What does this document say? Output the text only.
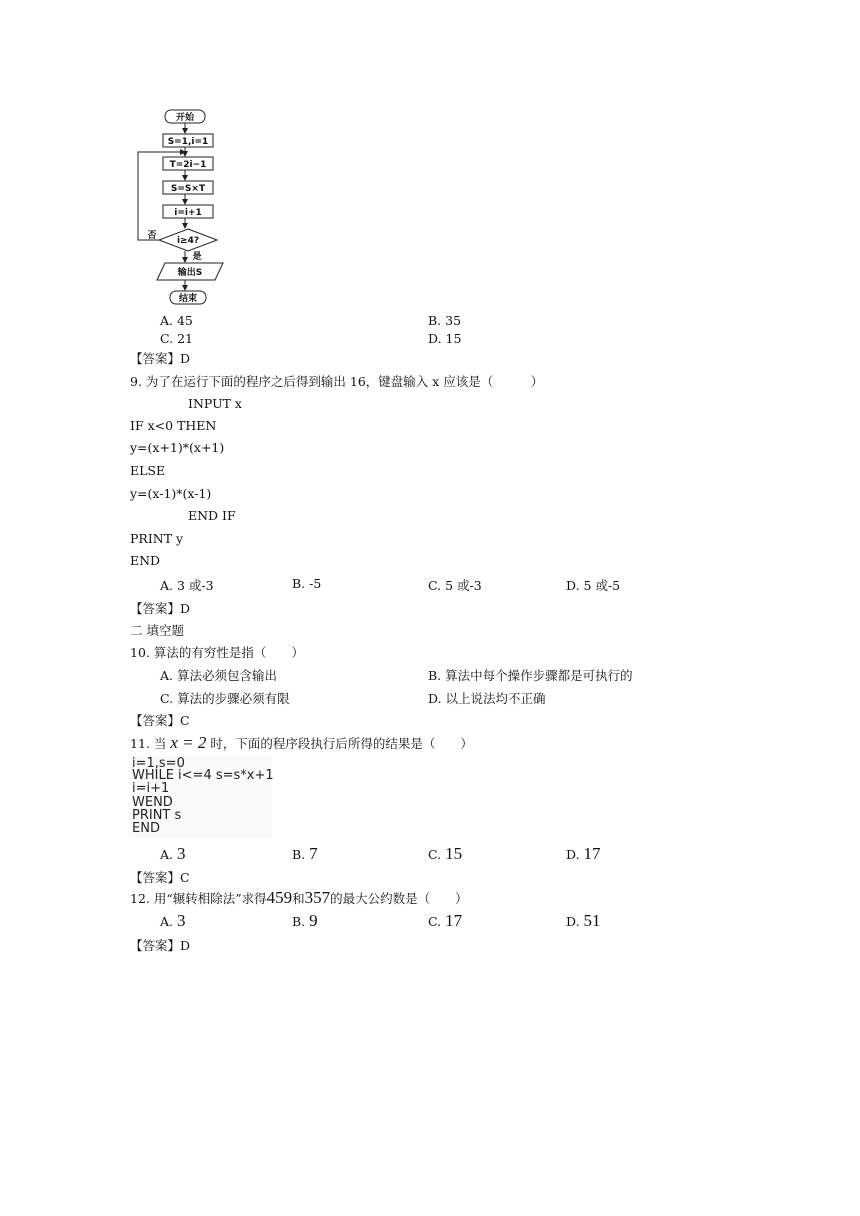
开始
S=1,i=1
T=2i−1
S=S×T
i=i+1
i≥4?
输出S
结束
否
是
A. 45	B. 35
C. 21	D. 15
【答案】D
9. 为了在运行下面的程序之后得到输出 16，键盘输入 x 应该是（　　　）
INPUT x
IF x<0 THEN
y=(x+1)*(x+1)
ELSE
y=(x-1)*(x-1)
END IF
PRINT y
END
A. 3 或-3	B. -5	C. 5 或-3	D. 5 或-5
【答案】D
二 填空题
10. 算法的有穷性是指（　　）
A. 算法必须包含输出	B. 算法中每个操作步骤都是可执行的
C. 算法的步骤必须有限	D. 以上说法均不正确
【答案】C
11. 当 x = 2 时，下面的程序段执行后所得的结果是（　　）
i=1,s=0
WHILE i<=4 s=s*x+1
i=i+1
WEND
PRINT s
END
A. 3	B. 7	C. 15	D. 17
【答案】C
12. 用“辗转相除法”求得459和357的最大公约数是（　　）
A. 3	B. 9	C. 17	D. 51
【答案】D
